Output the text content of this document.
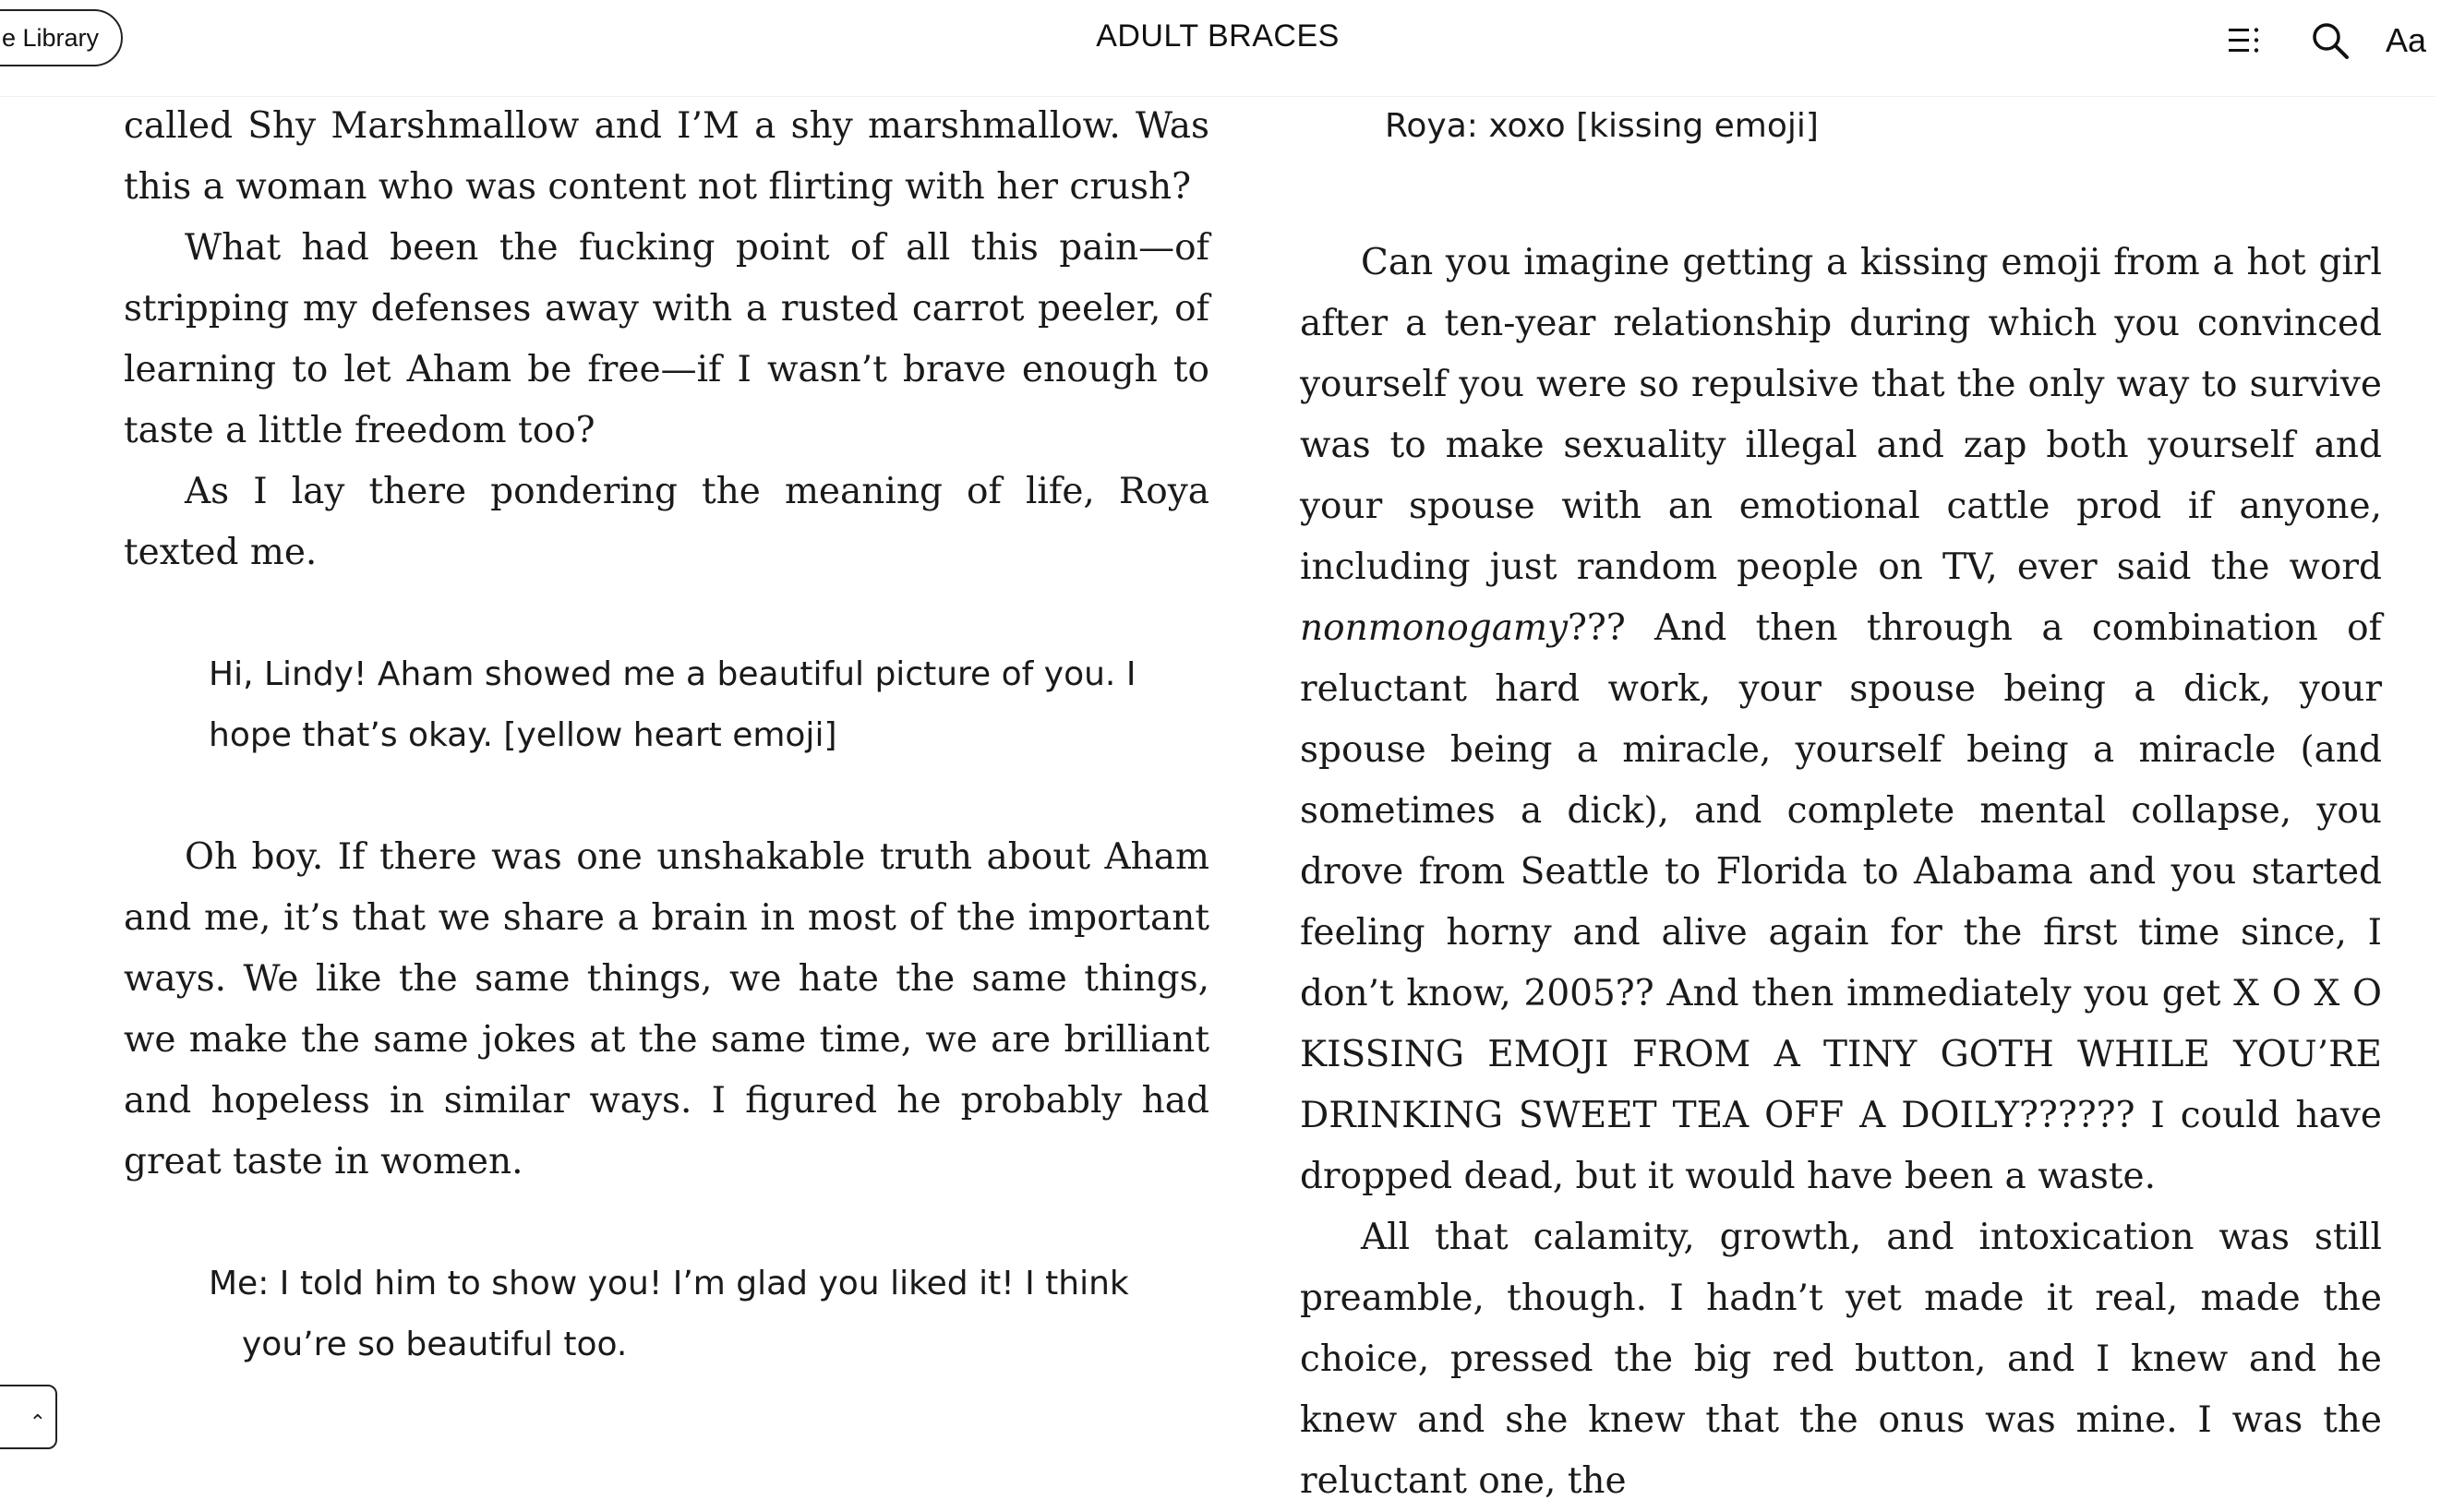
e Library	ADULT BRACES	Aa

called Shy Marshmallow and I’M a shy marshmallow. Was this a woman who was content not flirting with her crush?

What had been the fucking point of all this pain—of stripping my defenses away with a rusted carrot peeler, of learning to let Aham be free—if I wasn’t brave enough to taste a little freedom too?

As I lay there pondering the meaning of life, Roya texted me.

Hi, Lindy! Aham showed me a beautiful picture of you. I hope that’s okay. [yellow heart emoji]

Oh boy. If there was one unshakable truth about Aham and me, it’s that we share a brain in most of the important ways. We like the same things, we hate the same things, we make the same jokes at the same time, we are brilliant and hopeless in similar ways. I figured he probably had great taste in women.

Me: I told him to show you! I’m glad you liked it! I think you’re so beautiful too.

Roya: xoxo [kissing emoji]

Can you imagine getting a kissing emoji from a hot girl after a ten-year relationship during which you convinced yourself you were so repulsive that the only way to survive was to make sexuality illegal and zap both yourself and your spouse with an emotional cattle prod if anyone, including just random people on TV, ever said the word nonmonogamy??? And then through a combination of reluctant hard work, your spouse being a dick, your spouse being a miracle, yourself being a miracle (and sometimes a dick), and complete mental collapse, you drove from Seattle to Florida to Alabama and you started feeling horny and alive again for the first time since, I don’t know, 2005?? And then immediately you get X O X O KISSING EMOJI FROM A TINY GOTH WHILE YOU’RE DRINKING SWEET TEA OFF A DOILY?????? I could have dropped dead, but it would have been a waste.

All that calamity, growth, and intoxication was still preamble, though. I hadn’t yet made it real, made the choice, pressed the big red button, and I knew and he knew and she knew that the onus was mine. I was the reluctant one, the

⌃
